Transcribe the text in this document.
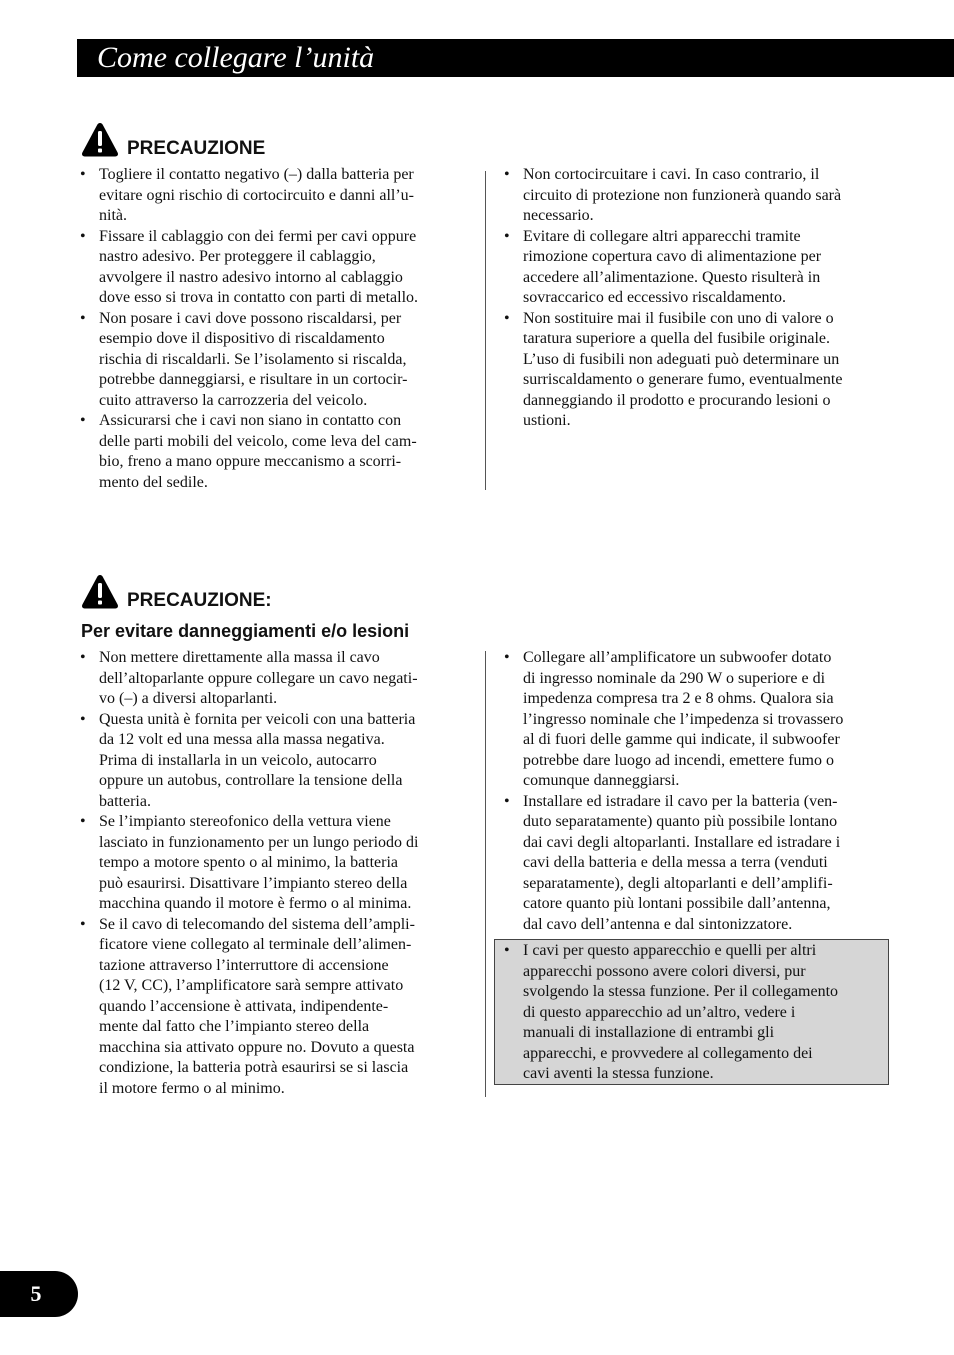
Come collegare l’unità
PRECAUZIONE
• Togliere il contatto negativo (–) dalla batteria per
evitare ogni rischio di cortocircuito e danni all’u-
nità.
• Fissare il cablaggio con dei fermi per cavi oppure
nastro adesivo. Per proteggere il cablaggio,
avvolgere il nastro adesivo intorno al cablaggio
dove esso si trova in contatto con parti di metallo.
• Non posare i cavi dove possono riscaldarsi, per
esempio dove il dispositivo di riscaldamento
rischia di riscaldarli. Se l’isolamento si riscalda,
potrebbe danneggiarsi, e risultare in un cortocir-
cuito attraverso la carrozzeria del veicolo.
• Assicurarsi che i cavi non siano in contatto con
delle parti mobili del veicolo, come leva del cam-
bio, freno a mano oppure meccanismo a scorri-
mento del sedile.
• Non cortocircuitare i cavi. In caso contrario, il
circuito di protezione non funzionerà quando sarà
necessario.
• Evitare di collegare altri apparecchi tramite
rimozione copertura cavo di alimentazione per
accedere all’alimentazione. Questo risulterà in
sovraccarico ed eccessivo riscaldamento.
• Non sostituire mai il fusibile con uno di valore o
taratura superiore a quella del fusibile originale.
L’uso di fusibili non adeguati può determinare un
surriscaldamento o generare fumo, eventualmente
danneggiando il prodotto e procurando lesioni o
ustioni.
PRECAUZIONE:
Per evitare danneggiamenti e/o lesioni
• Non mettere direttamente alla massa il cavo
dell’altoparlante oppure collegare un cavo negati-
vo (–) a diversi altoparlanti.
• Questa unità è fornita per veicoli con una batteria
da 12 volt ed una messa alla massa negativa.
Prima di installarla in un veicolo, autocarro
oppure un autobus, controllare la tensione della
batteria.
• Se l’impianto stereofonico della vettura viene
lasciato in funzionamento per un lungo periodo di
tempo a motore spento o al minimo, la batteria
può esaurirsi. Disattivare l’impianto stereo della
macchina quando il motore è fermo o al minima.
• Se il cavo di telecomando del sistema dell’ampli-
ficatore viene collegato al terminale dell’alimen-
tazione attraverso l’interruttore di accensione
(12 V, CC), l’amplificatore sarà sempre attivato
quando l’accensione è attivata, indipendente-
mente dal fatto che l’impianto stereo della
macchina sia attivato oppure no. Dovuto a questa
condizione, la batteria potrà esaurirsi se si lascia
il motore fermo o al minimo.
• Collegare all’amplificatore un subwoofer dotato
di ingresso nominale da 290 W o superiore e di
impedenza compresa tra 2 e 8 ohms. Qualora sia
l’ingresso nominale che l’impedenza si trovassero
al di fuori delle gamme qui indicate, il subwoofer
potrebbe dare luogo ad incendi, emettere fumo o
comunque danneggiarsi.
• Installare ed istradare il cavo per la batteria (ven-
duto separatamente) quanto più possibile lontano
dai cavi degli altoparlanti. Installare ed istradare i
cavi della batteria e della messa a terra (venduti
separatamente), degli altoparlanti e dell’amplifi-
catore quanto più lontani possibile dall’antenna,
dal cavo dell’antenna e dal sintonizzatore.
• I cavi per questo apparecchio e quelli per altri
apparecchi possono avere colori diversi, pur
svolgendo la stessa funzione. Per il collegamento
di questo apparecchio ad un’altro, vedere i
manuali di installazione di entrambi gli
apparecchi, e provvedere al collegamento dei
cavi aventi la stessa funzione.
5
